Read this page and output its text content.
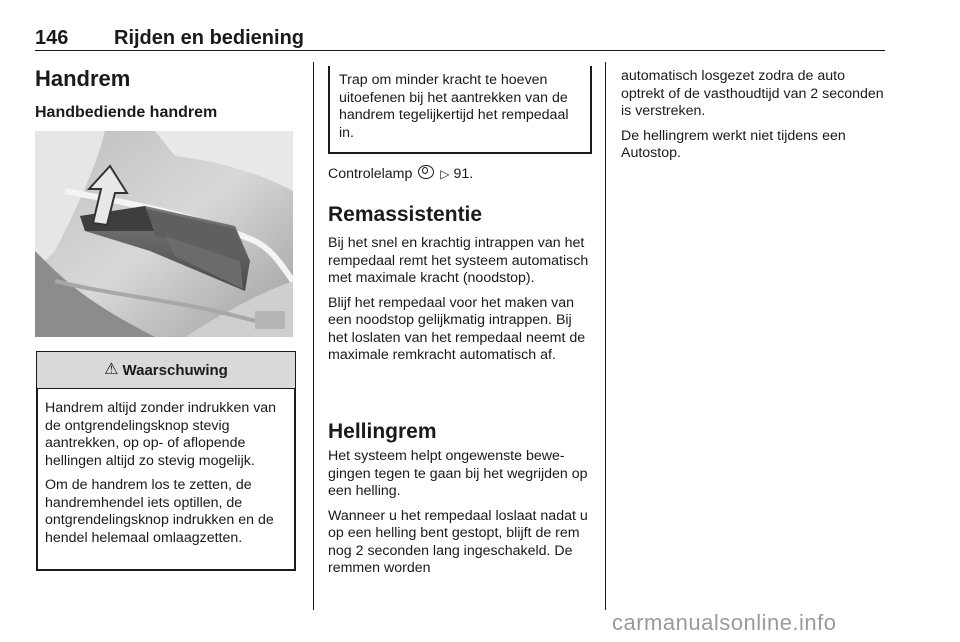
146 Rijden en bediening
Handrem
Handbediende handrem
⚠ Waarschuwing

Handrem altijd zonder indrukken van de ontgrendelingsknop stevig aantrekken, op op- of aflopende hellingen altijd zo stevig mogelijk.

Om de handrem los te zetten, de handremhendel iets optillen, de ontgrendelingsknop indrukken en de hendel helemaal omlaagzetten.

Trap om minder kracht te hoeven uitoefenen bij het aantrekken van de handrem tegelijkertijd het rempedaal in.
Controlelamp ▷ 91.
Remassistentie

Bij het snel en krachtig intrappen van het rempedaal remt het systeem automatisch met maximale kracht (noodstop).

Blijf het rempedaal voor het maken van een noodstop gelijkmatig intrappen. Bij het loslaten van het rempedaal neemt de maximale remkracht automatisch af.

Hellingrem

Het systeem helpt ongewenste bewegingen tegen te gaan bij het wegrijden op een helling.

Wanneer u het rempedaal loslaat nadat u op een helling bent gestopt, blijft de rem nog 2 seconden lang ingeschakeld. De remmen worden

automatisch losgezet zodra de auto optrekt of de vasthoudtijd van 2 seconden is verstreken.

De hellingrem werkt niet tijdens een Autostop.

carmanualsonline.info
